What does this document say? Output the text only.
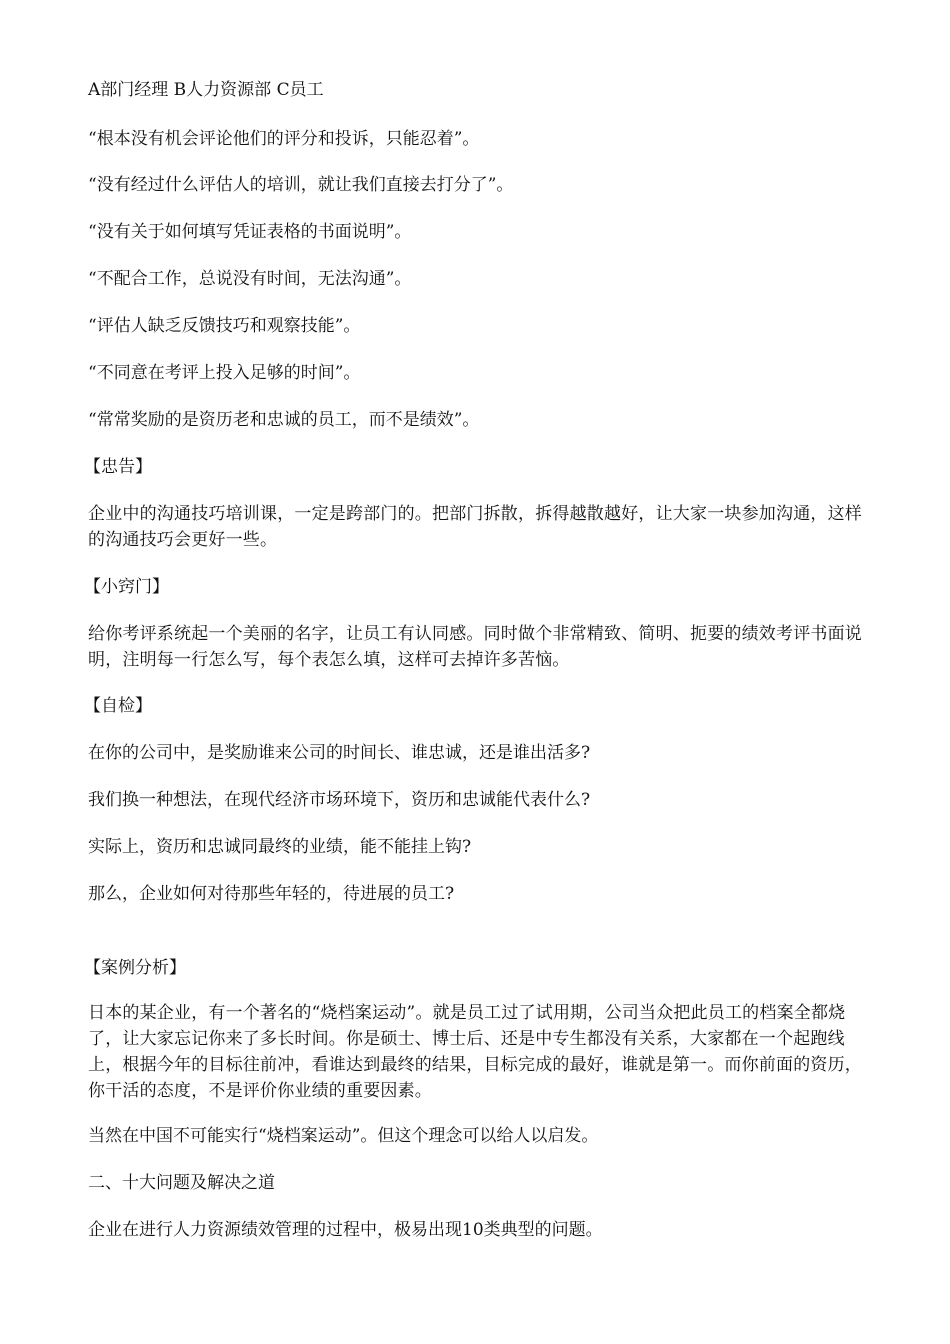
A部门经理 B人力资源部 C员工

“根本没有机会评论他们的评分和投诉，只能忍着”。

“没有经过什么评估人的培训，就让我们直接去打分了”。

“没有关于如何填写凭证表格的书面说明”。

“不配合工作，总说没有时间，无法沟通”。

“评估人缺乏反馈技巧和观察技能”。

“不同意在考评上投入足够的时间”。

“常常奖励的是资历老和忠诚的员工，而不是绩效”。

【忠告】

企业中的沟通技巧培训课，一定是跨部门的。把部门拆散，拆得越散越好，让大家一块参加沟通，这样的沟通技巧会更好一些。

【小窍门】

给你考评系统起一个美丽的名字，让员工有认同感。同时做个非常精致、简明、扼要的绩效考评书面说明，注明每一行怎么写，每个表怎么填，这样可去掉许多苦恼。

【自检】

在你的公司中，是奖励谁来公司的时间长、谁忠诚，还是谁出活多?

我们换一种想法，在现代经济市场环境下，资历和忠诚能代表什么?

实际上，资历和忠诚同最终的业绩，能不能挂上钩?

那么，企业如何对待那些年轻的，待进展的员工?

【案例分析】

日本的某企业，有一个著名的“烧档案运动”。就是员工过了试用期，公司当众把此员工的档案全都烧了，让大家忘记你来了多长时间。你是硕士、博士后、还是中专生都没有关系，大家都在一个起跑线上，根据今年的目标往前冲，看谁达到最终的结果，目标完成的最好，谁就是第一。而你前面的资历，你干活的态度，不是评价你业绩的重要因素。

当然在中国不可能实行“烧档案运动”。但这个理念可以给人以启发。

二、十大问题及解决之道

企业在进行人力资源绩效管理的过程中，极易出现10类典型的问题。
